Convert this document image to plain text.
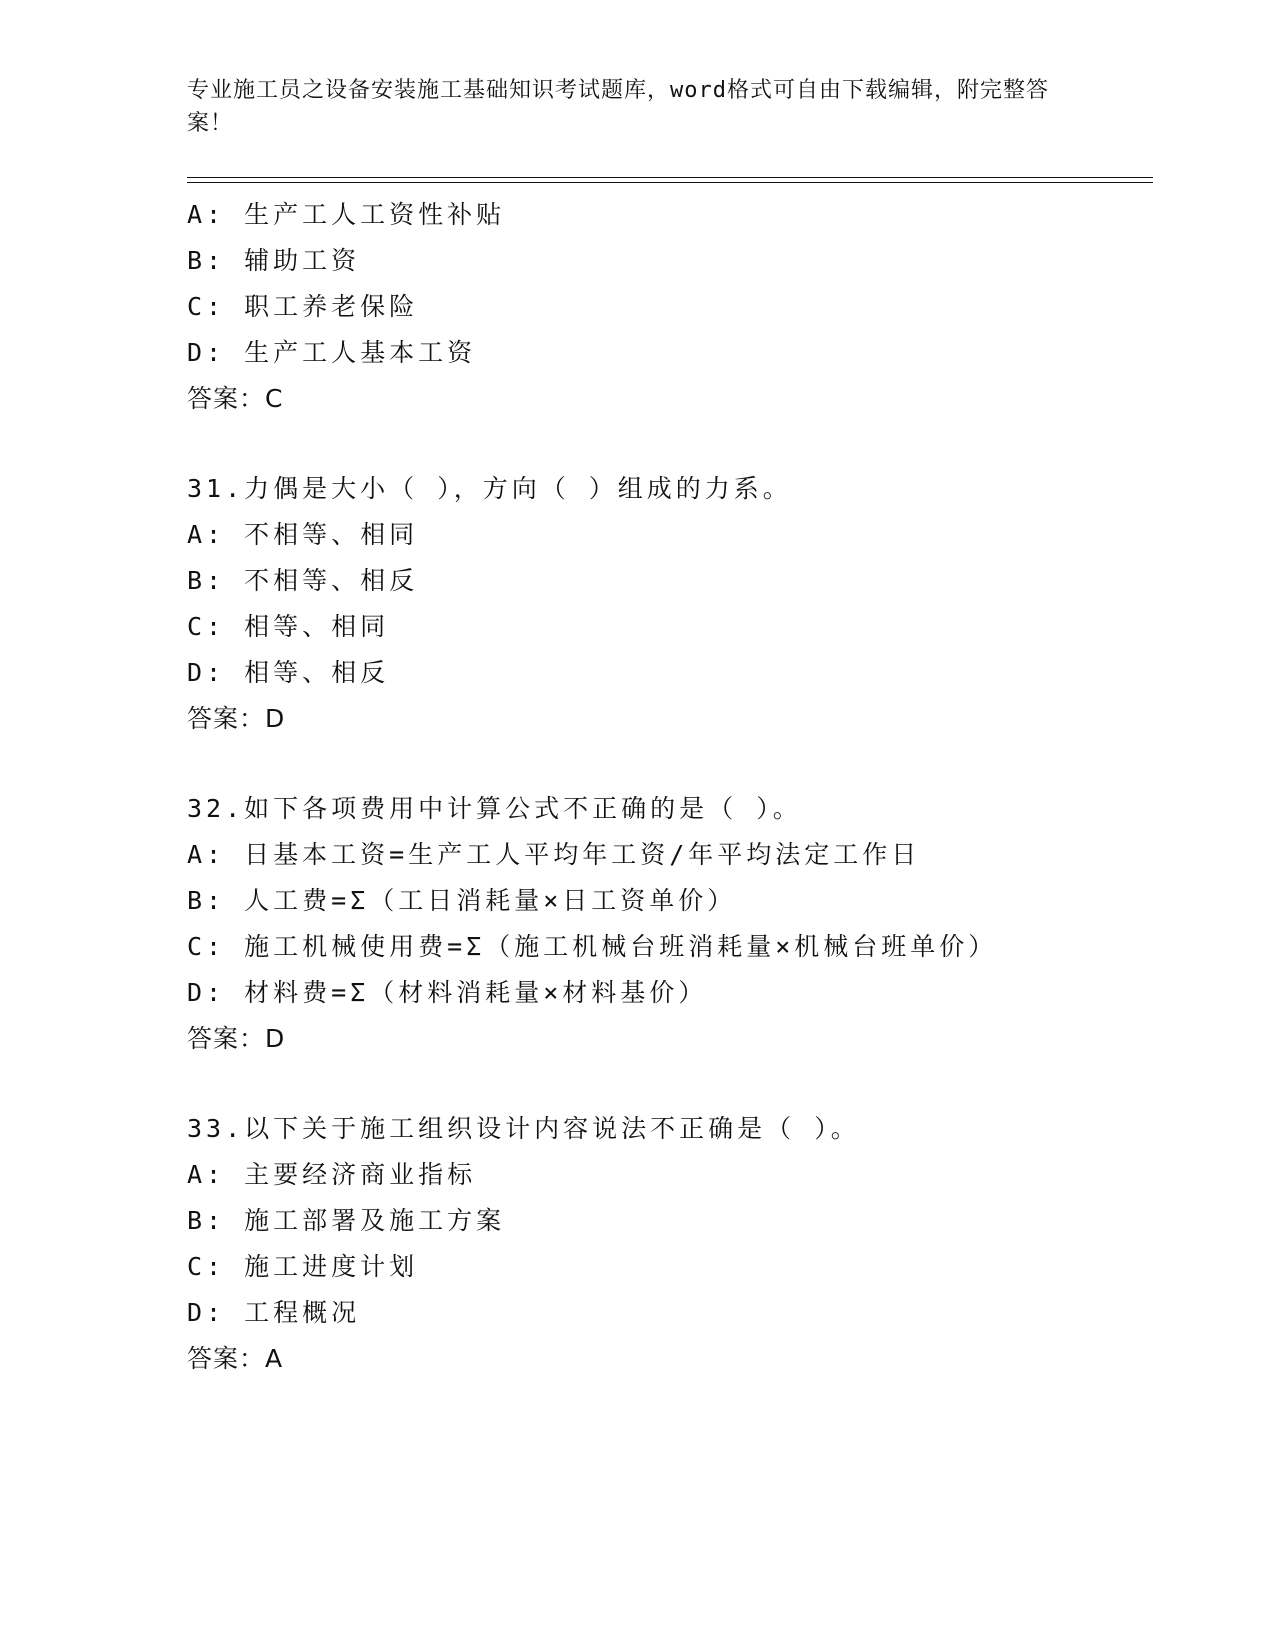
专业施工员之设备安装施工基础知识考试题库，word格式可自由下载编辑，附完整答案！
A: 生产工人工资性补贴
B: 辅助工资
C: 职工养老保险
D: 生产工人基本工资
答案：C
31.力偶是大小（ ），方向（ ）组成的力系。
A: 不相等、相同
B: 不相等、相反
C: 相等、相同
D: 相等、相反
答案：D
32.如下各项费用中计算公式不正确的是（ ）。
A: 日基本工资=生产工人平均年工资/年平均法定工作日
B: 人工费=Σ（工日消耗量×日工资单价）
C: 施工机械使用费=Σ（施工机械台班消耗量×机械台班单价）
D: 材料费=Σ（材料消耗量×材料基价）
答案：D
33.以下关于施工组织设计内容说法不正确是（ ）。
A: 主要经济商业指标
B: 施工部署及施工方案
C: 施工进度计划
D: 工程概况
答案：A
